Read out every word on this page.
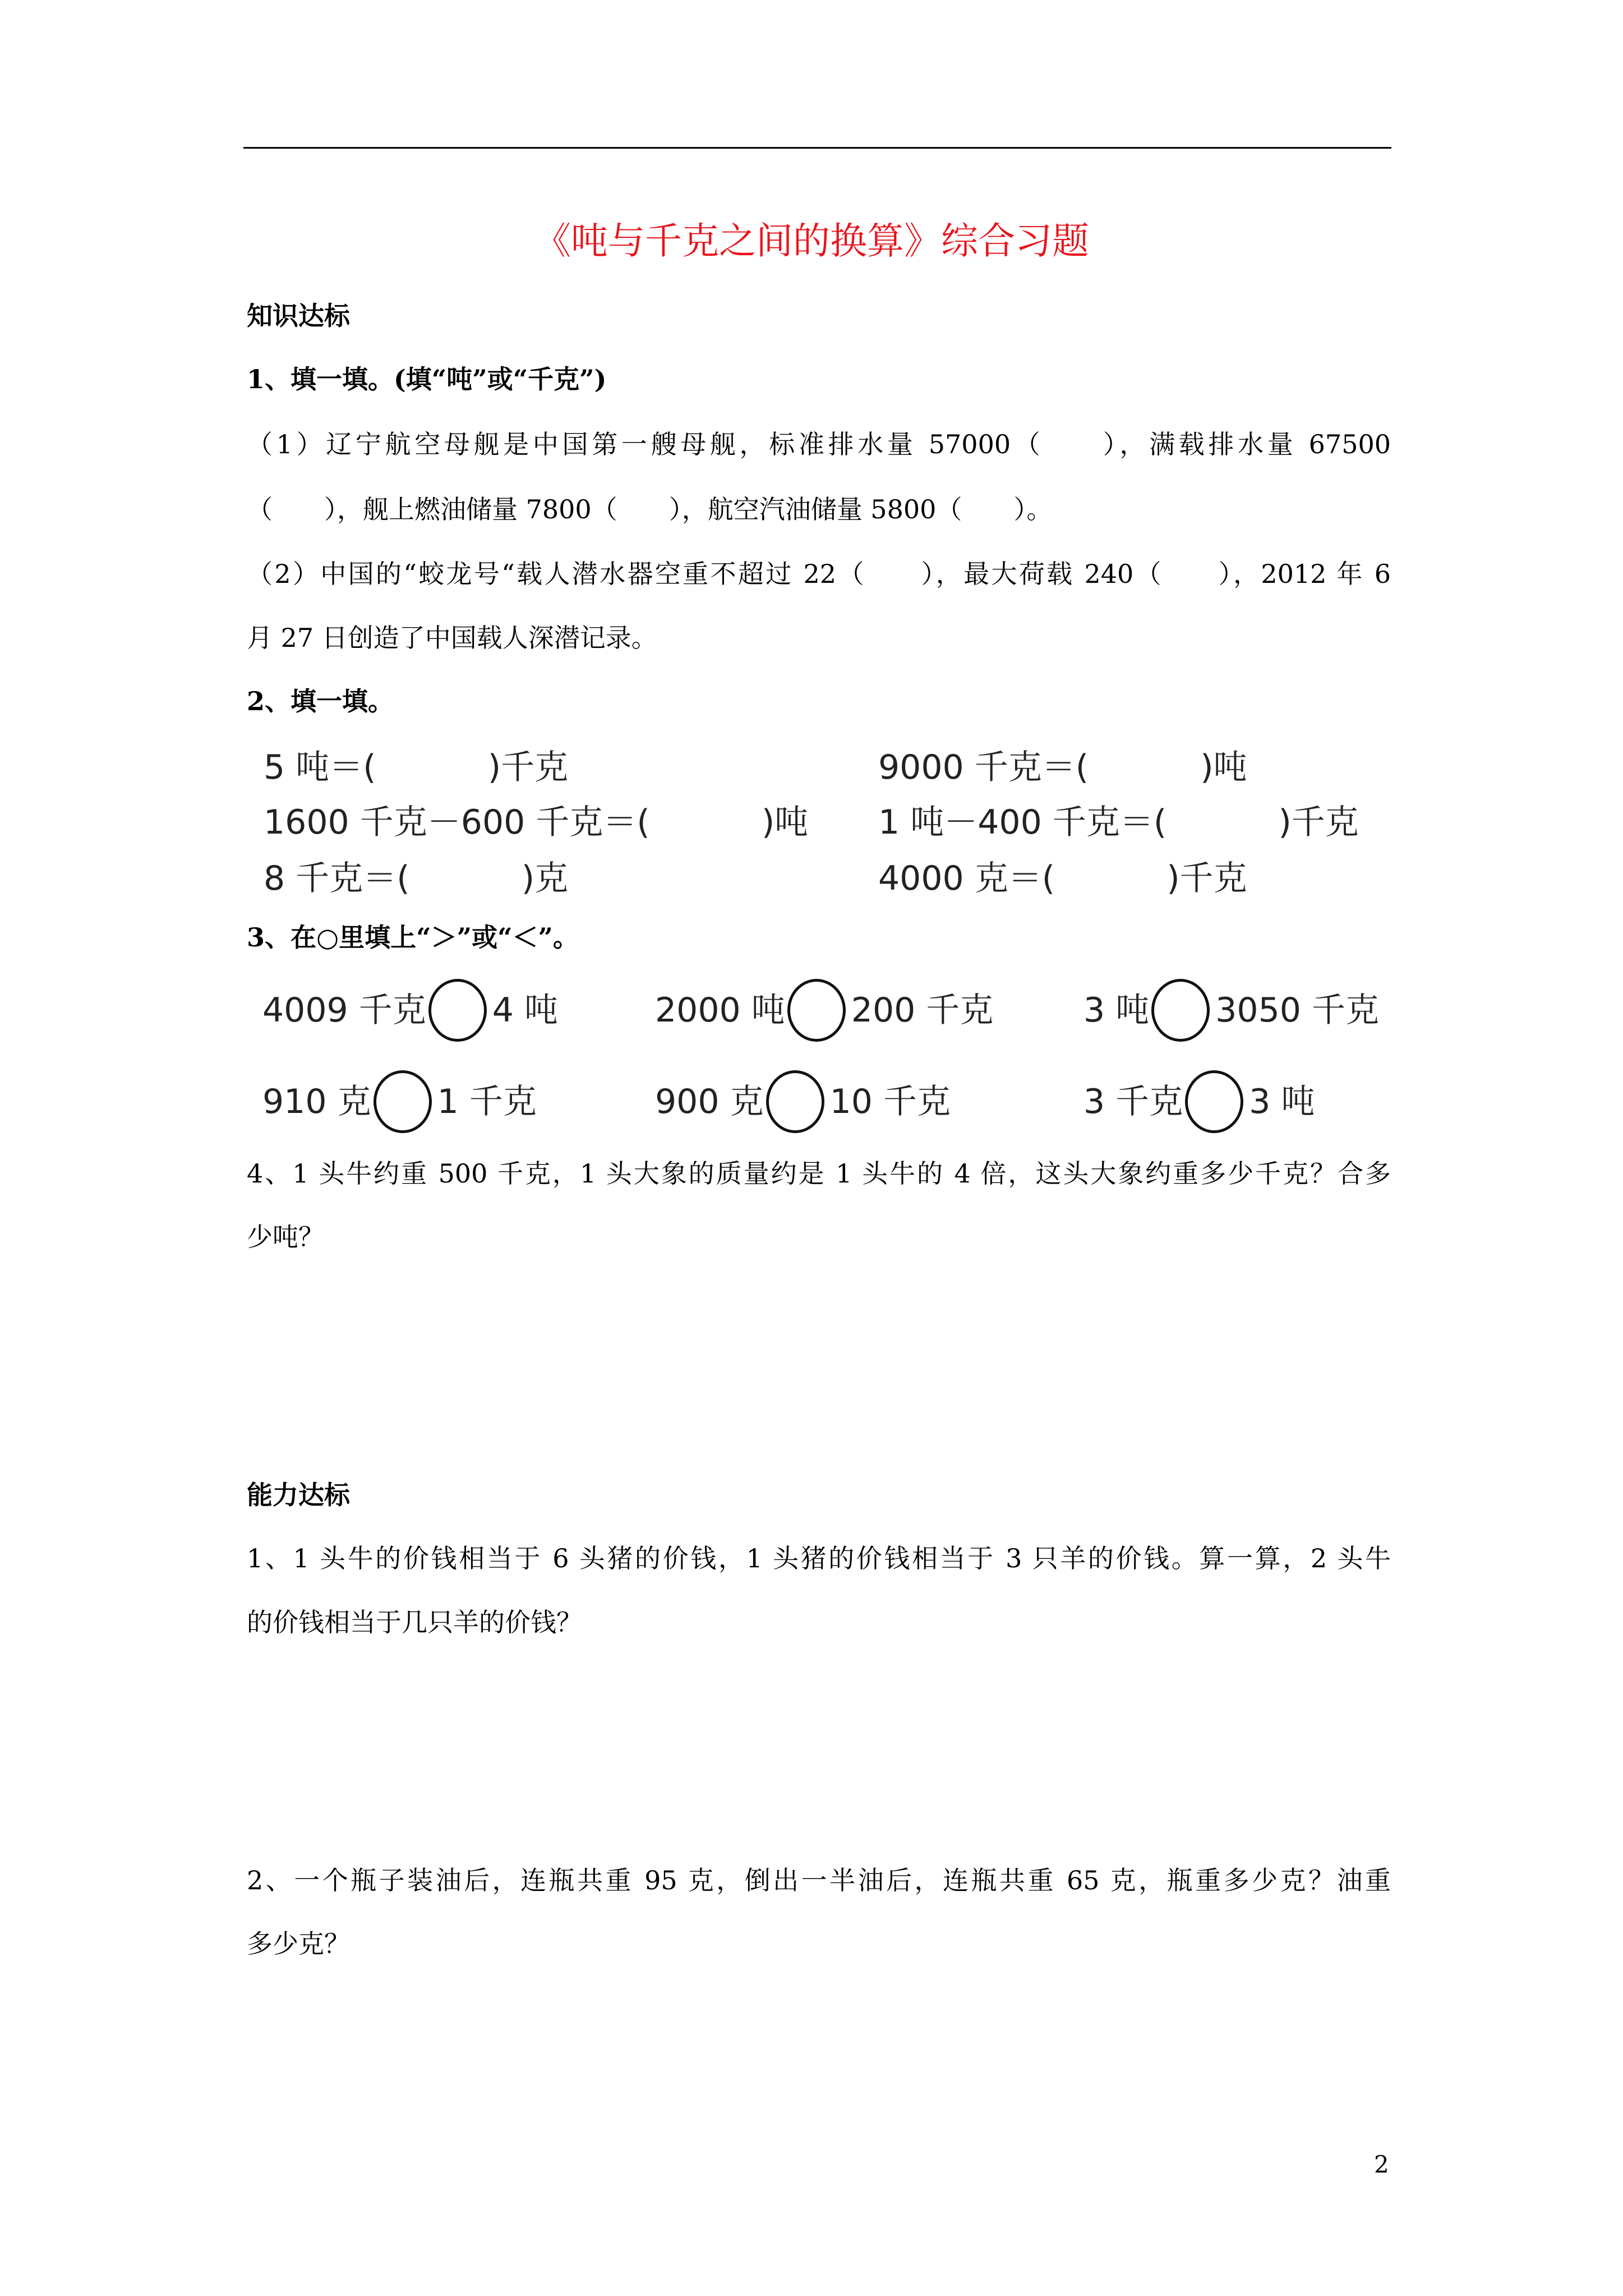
《吨与千克之间的换算》综合习题
知识达标
1、填一填。(填“吨”或“千克”)
（1）辽宁航空母舰是中国第一艘母舰，标准排水量 57000（　　），满载排水量 67500
（　　），舰上燃油储量 7800（　　），航空汽油储量 5800（　　）。
（2）中国的“蛟龙号“载人潜水器空重不超过 22（　　），最大荷载 240（　　），2012 年 6
月 27 日创造了中国载人深潜记录。
2、填一填。
5 吨＝(　　　 )千克	9000 千克＝(　　　 )吨
1600 千克－600 千克＝(　　　 )吨 1 吨－400 千克＝(　　　 )千克
8 千克＝(　　　 )克	4000 克＝(　　　 )千克
3、在○里填上“＞”或“＜”。
4009 千克 4 吨	2000 吨 200 千克	3 吨 3050 千克
910 克 1 千克	900 克 10 千克	3 千克 3 吨
4、1 头牛约重 500 千克，1 头大象的质量约是 1 头牛的 4 倍，这头大象约重多少千克？合多
少吨？
能力达标
1、1 头牛的价钱相当于 6 头猪的价钱，1 头猪的价钱相当于 3 只羊的价钱。算一算，2 头牛
的价钱相当于几只羊的价钱？
2、一个瓶子装油后，连瓶共重 95 克，倒出一半油后，连瓶共重 65 克，瓶重多少克？油重
多少克？
2
